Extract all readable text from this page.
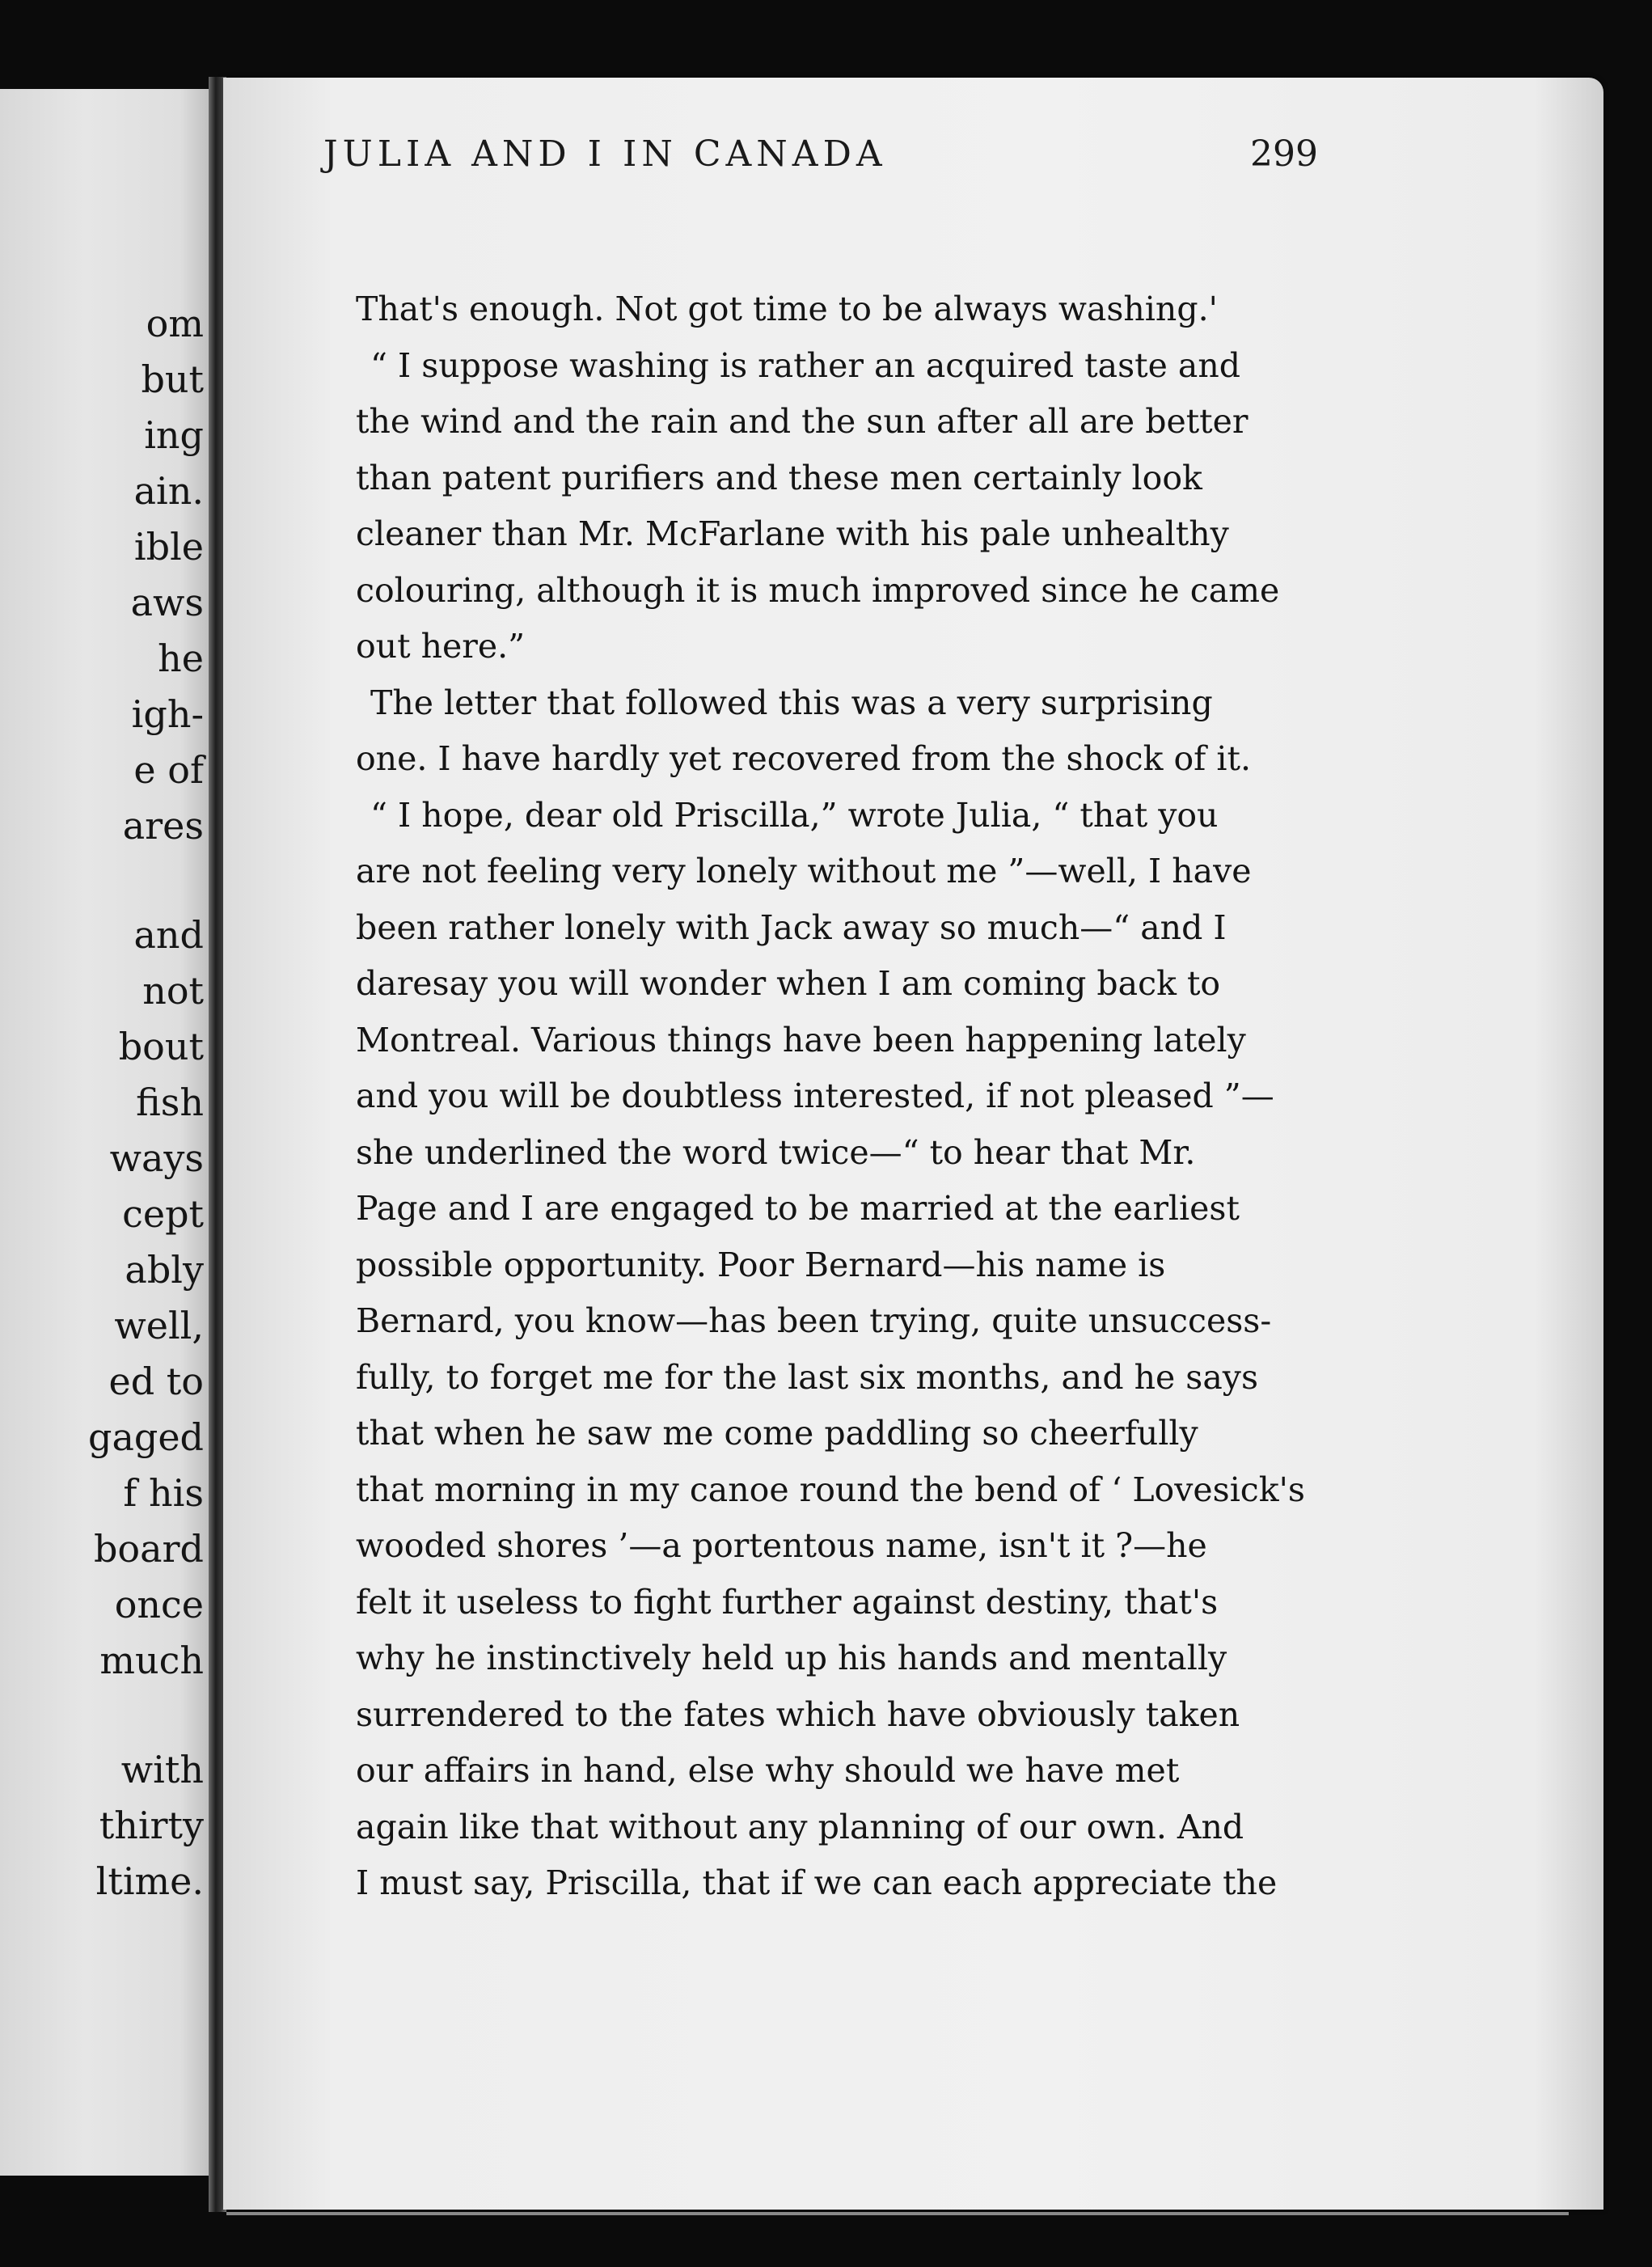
om
but
ing
ain.
ible
aws
he
igh-
e of
ares
and
not
bout
fish
ways
cept
ably
well,
ed to
gaged
f his
board
once
much
with
thirty
ltime.
JULIA AND I IN CANADA	299
That's enough. Not got time to be always washing.'
“ I suppose washing is rather an acquired taste and
the wind and the rain and the sun after all are better
than patent purifiers and these men certainly look
cleaner than Mr. McFarlane with his pale unhealthy
colouring, although it is much improved since he came
out here.”
The letter that followed this was a very surprising
one. I have hardly yet recovered from the shock of it.
“ I hope, dear old Priscilla,” wrote Julia, “ that you
are not feeling very lonely without me ”—well, I have
been rather lonely with Jack away so much—“ and I
daresay you will wonder when I am coming back to
Montreal. Various things have been happening lately
and you will be doubtless interested, if not pleased ”—
she underlined the word twice—“ to hear that Mr.
Page and I are engaged to be married at the earliest
possible opportunity. Poor Bernard—his name is
Bernard, you know—has been trying, quite unsuccess-
fully, to forget me for the last six months, and he says
that when he saw me come paddling so cheerfully
that morning in my canoe round the bend of ‘ Lovesick's
wooded shores ’—a portentous name, isn't it ?—he
felt it useless to fight further against destiny, that's
why he instinctively held up his hands and mentally
surrendered to the fates which have obviously taken
our affairs in hand, else why should we have met
again like that without any planning of our own. And
I must say, Priscilla, that if we can each appreciate the
